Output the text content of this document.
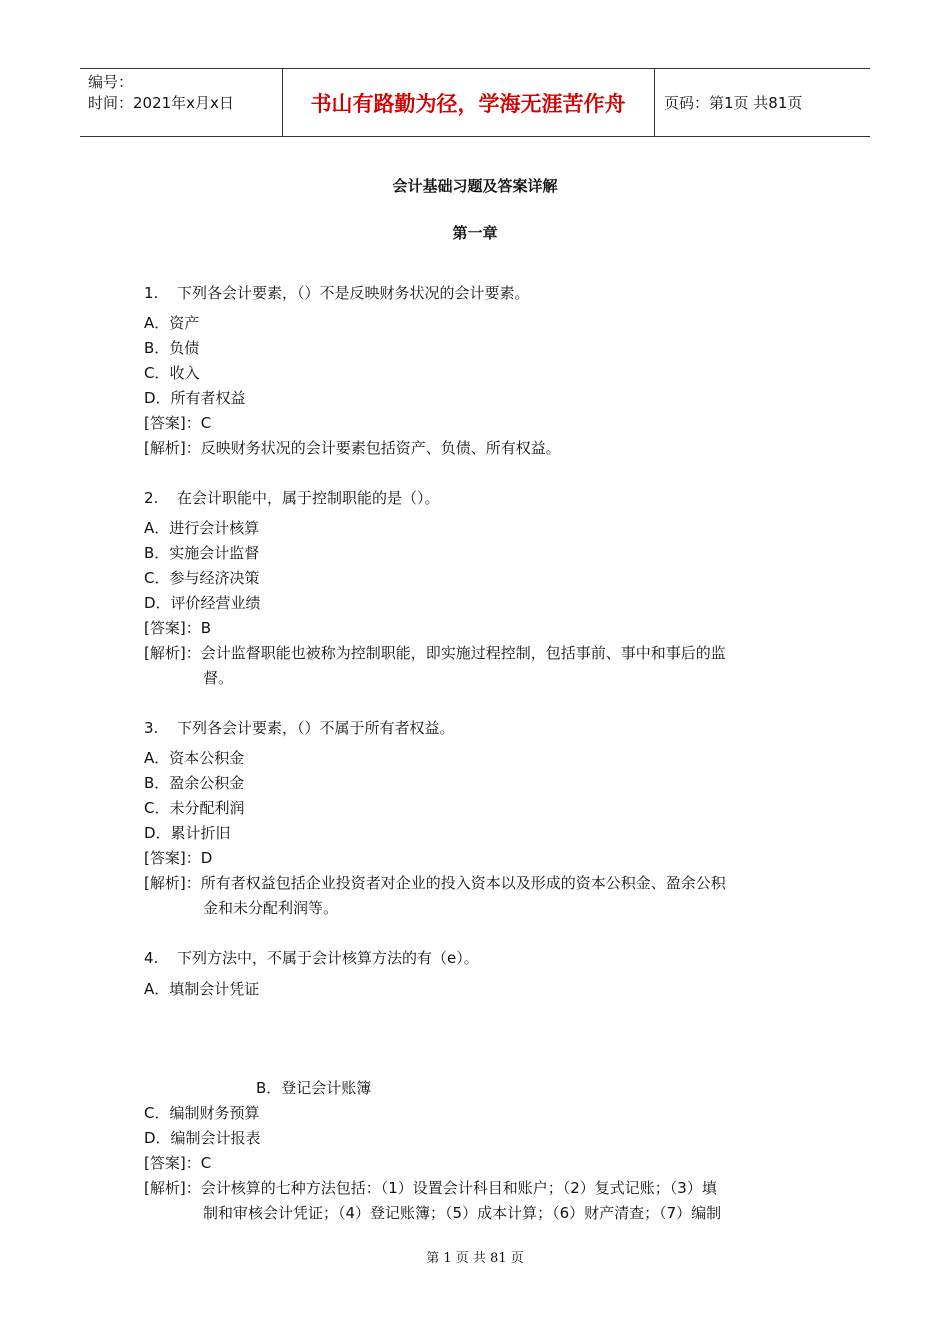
编号：
时间：2021年x月x日	书山有路勤为径，学海无涯苦作舟	页码：第1页 共81页
会计基础习题及答案详解
第一章
1. 下列各会计要素，（）不是反映财务状况的会计要素。
A．资产
B．负债
C．收入
D．所有者权益
[答案]：C
[解析]：反映财务状况的会计要素包括资产、负债、所有权益。
2. 在会计职能中，属于控制职能的是（）。
A．进行会计核算
B．实施会计监督
C．参与经济决策
D．评价经营业绩
[答案]：B
[解析]：会计监督职能也被称为控制职能，即实施过程控制，包括事前、事中和事后的监
督。
3. 下列各会计要素，（）不属于所有者权益。
A．资本公积金
B．盈余公积金
C．未分配利润
D．累计折旧
[答案]：D
[解析]：所有者权益包括企业投资者对企业的投入资本以及形成的资本公积金、盈余公积
金和未分配利润等。
4. 下列方法中，不属于会计核算方法的有（e）。
A．填制会计凭证
B．登记会计账簿
C．编制财务预算
D．编制会计报表
[答案]：C
[解析]：会计核算的七种方法包括：（1）设置会计科目和账户；（2）复式记账；（3）填
制和审核会计凭证；（4）登记账簿；（5）成本计算；（6）财产清查；（7）编制
第 1 页 共 81 页
